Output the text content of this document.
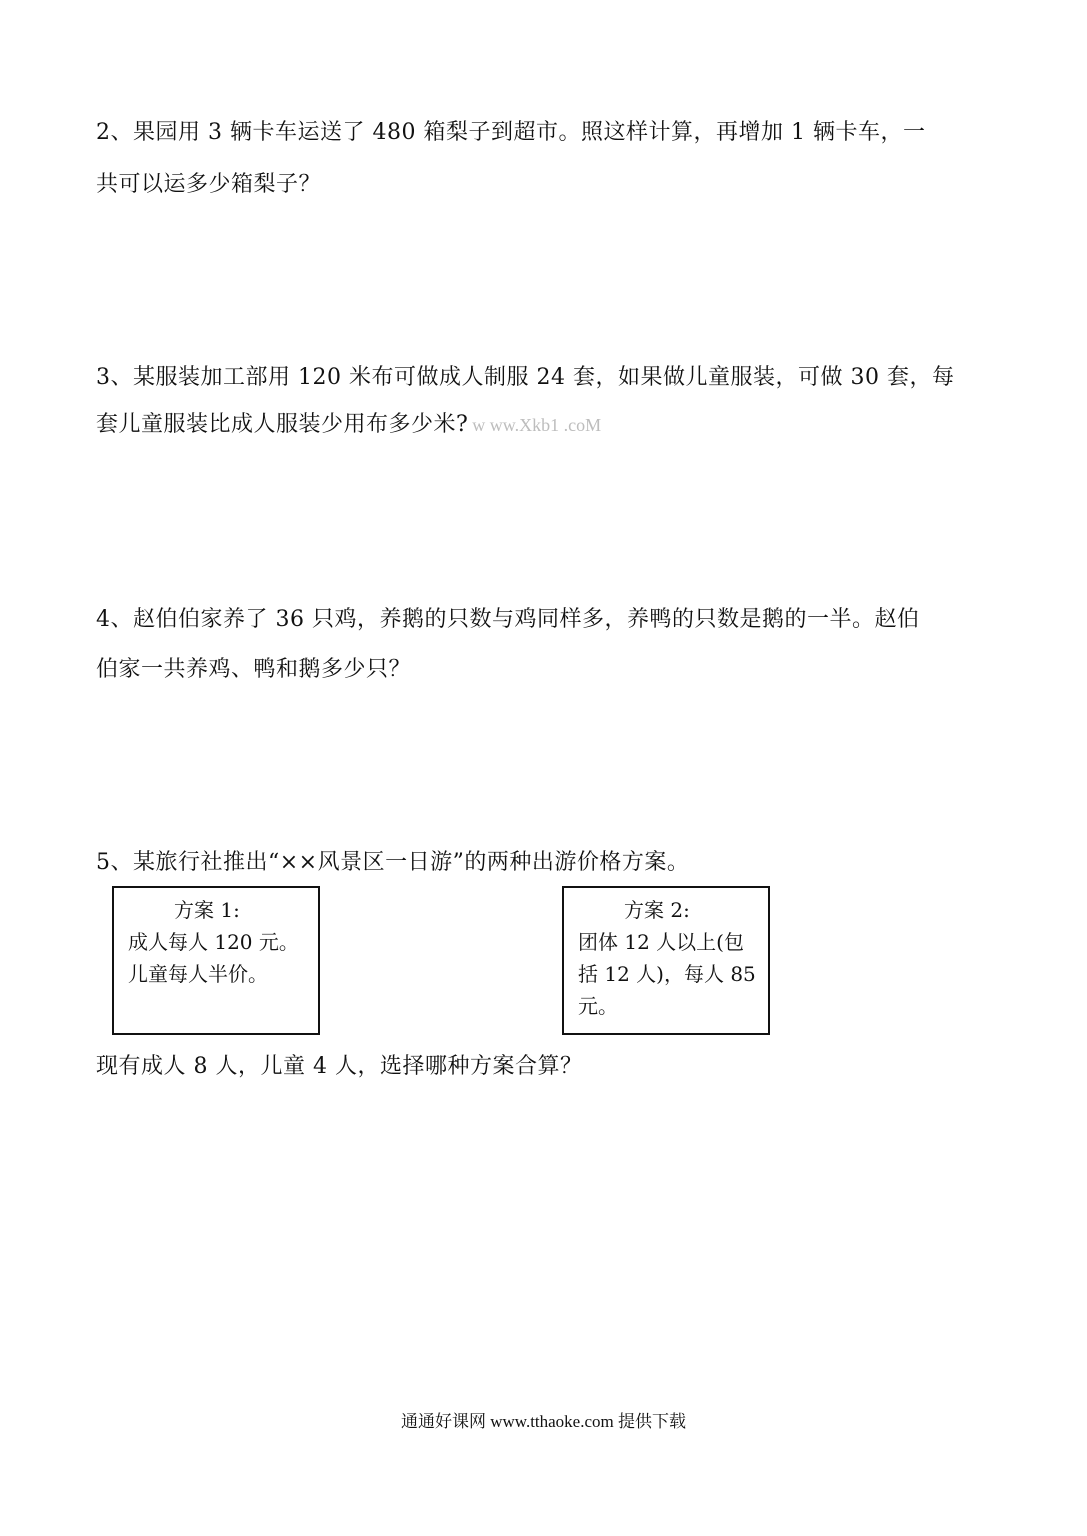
2、果园用 3 辆卡车运送了 480 箱梨子到超市。照这样计算，再增加 1 辆卡车，一
共可以运多少箱梨子？
3、某服装加工部用 120 米布可做成人制服 24 套，如果做儿童服装，可做 30 套，每
套儿童服装比成人服装少用布多少米? w ww.Xkb1 .coM
4、赵伯伯家养了 36 只鸡，养鹅的只数与鸡同样多，养鸭的只数是鹅的一半。赵伯
伯家一共养鸡、鸭和鹅多少只？
5、某旅行社推出“××风景区一日游”的两种出游价格方案。
方案 1:
成人每人 120 元。
儿童每人半价。
方案 2:
团体 12 人以上(包
括 12 人)，每人 85
元。
现有成人 8 人，儿童 4 人，选择哪种方案合算？
通通好课网 www.tthaoke.com 提供下载
